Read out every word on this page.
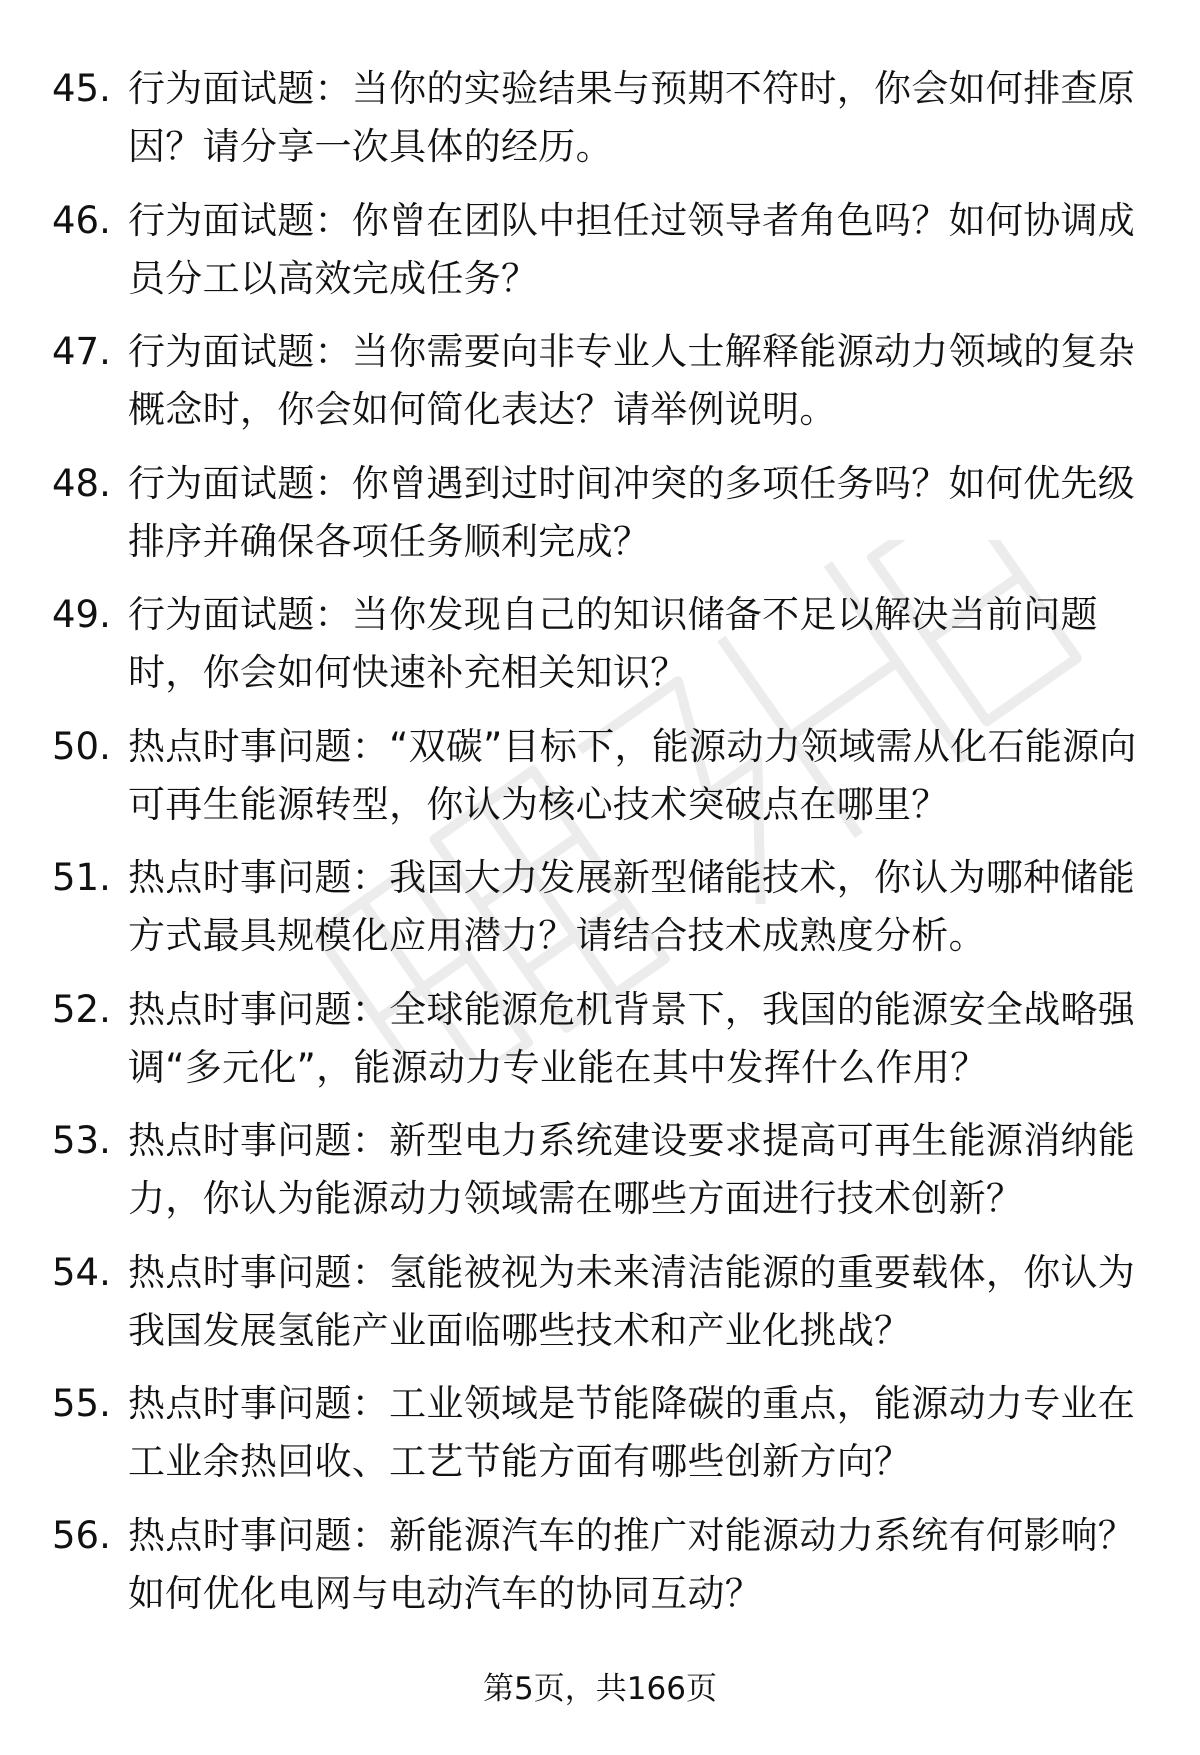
45. 行为面试题：当你的实验结果与预期不符时，你会如何排查原因？请分享一次具体的经历。
46. 行为面试题：你曾在团队中担任过领导者角色吗？如何协调成员分工以高效完成任务？
47. 行为面试题：当你需要向非专业人士解释能源动力领域的复杂概念时，你会如何简化表达？请举例说明。
48. 行为面试题：你曾遇到过时间冲突的多项任务吗？如何优先级排序并确保各项任务顺利完成？
49. 行为面试题：当你发现自己的知识储备不足以解决当前问题时，你会如何快速补充相关知识？
50. 热点时事问题：“双碳”目标下，能源动力领域需从化石能源向可再生能源转型，你认为核心技术突破点在哪里？
51. 热点时事问题：我国大力发展新型储能技术，你认为哪种储能方式最具规模化应用潜力？请结合技术成熟度分析。
52. 热点时事问题：全球能源危机背景下，我国的能源安全战略强调“多元化”，能源动力专业能在其中发挥什么作用？
53. 热点时事问题：新型电力系统建设要求提高可再生能源消纳能力，你认为能源动力领域需在哪些方面进行技术创新？
54. 热点时事问题：氢能被视为未来清洁能源的重要载体，你认为我国发展氢能产业面临哪些技术和产业化挑战？
55. 热点时事问题：工业领域是节能降碳的重点，能源动力专业在工业余热回收、工艺节能方面有哪些创新方向？
56. 热点时事问题：新能源汽车的推广对能源动力系统有何影响？如何优化电网与电动汽车的协同互动？
第5页，共166页
